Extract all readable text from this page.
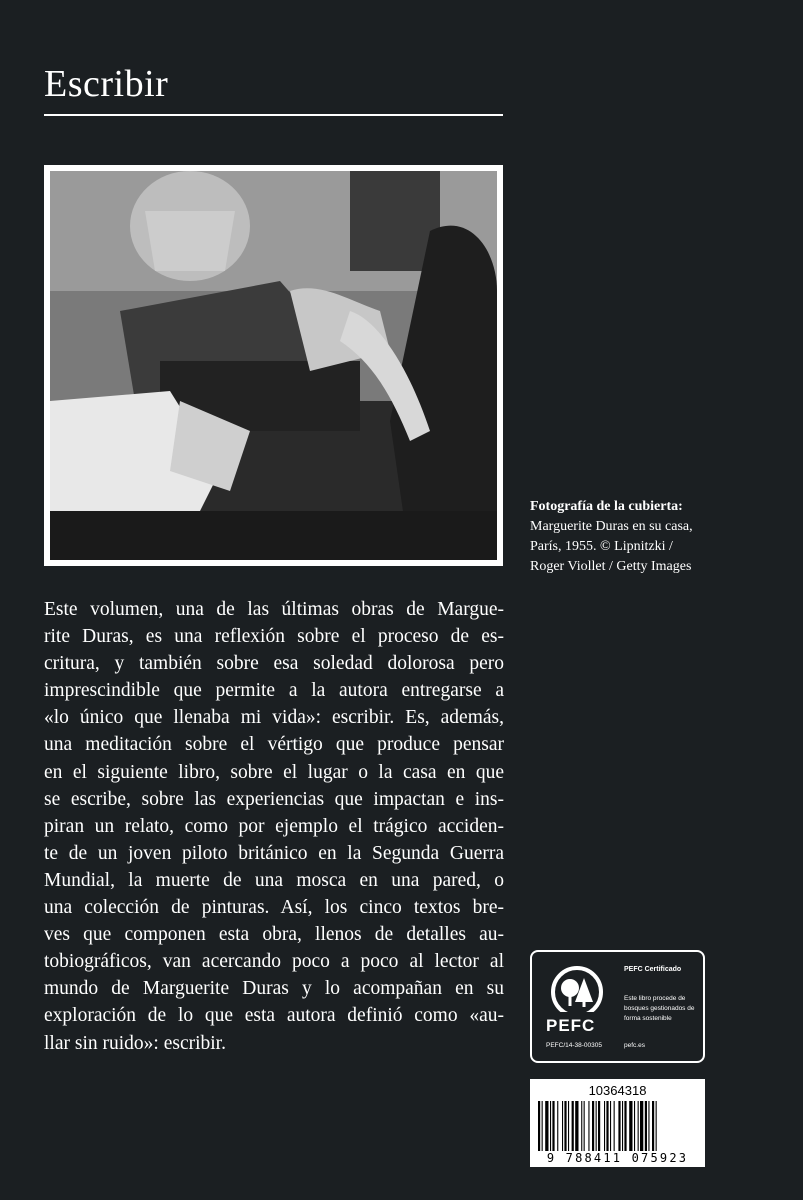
Escribir
Fotografía de la cubierta:
Marguerite Duras en su casa,
París, 1955. © Lipnitzki /
Roger Viollet / Getty Images
Este volumen, una de las últimas obras de Margue-
rite Duras, es una reflexión sobre el proceso de es-
critura, y también sobre esa soledad dolorosa pero
imprescindible que permite a la autora entregarse a
«lo único que llenaba mi vida»: escribir. Es, además,
una meditación sobre el vértigo que produce pensar
en el siguiente libro, sobre el lugar o la casa en que
se escribe, sobre las experiencias que impactan e ins-
piran un relato, como por ejemplo el trágico acciden-
te de un joven piloto británico en la Segunda Guerra
Mundial, la muerte de una mosca en una pared, o
una colección de pinturas. Así, los cinco textos bre-
ves que componen esta obra, llenos de detalles au-
tobiográficos, van acercando poco a poco al lector al
mundo de Marguerite Duras y lo acompañan en su
exploración de lo que esta autora definió como «au-
llar sin ruido»: escribir.
PEFC
PEFC Certificado
Este libro procede de bosques gestionados de forma sostenible
PEFC/14-38-00305	pefc.es
10364318
9 788411 075923
